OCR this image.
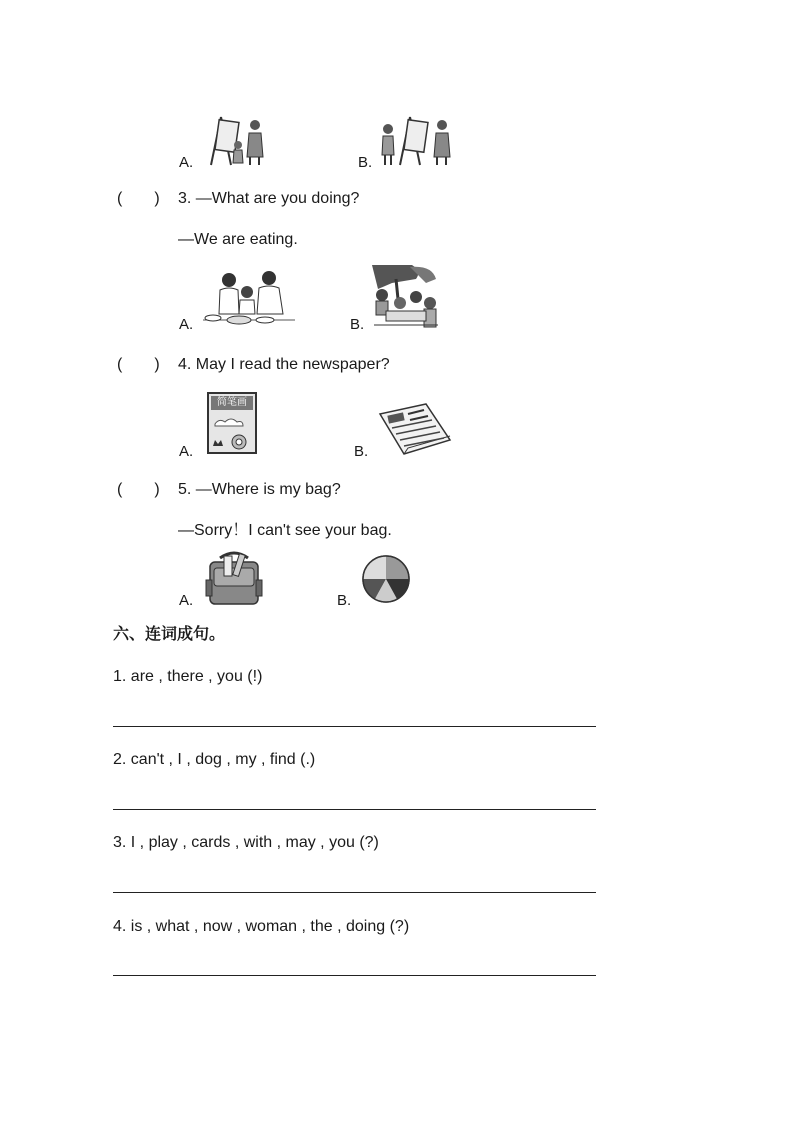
A.	B.
(　　) 3. —What are you doing?
—We are eating.
A.	B.
(　　) 4. May I read the newspaper?
A.
简笔画
B.
(　　) 5. —Where is my bag?
—Sorry！I can't see your bag.
A.	B.
六、连词成句。
1. are , there , you (!)
2. can't , I , dog , my , find (.)
3. I , play , cards , with , may , you (?)
4. is , what , now , woman , the , doing (?)
